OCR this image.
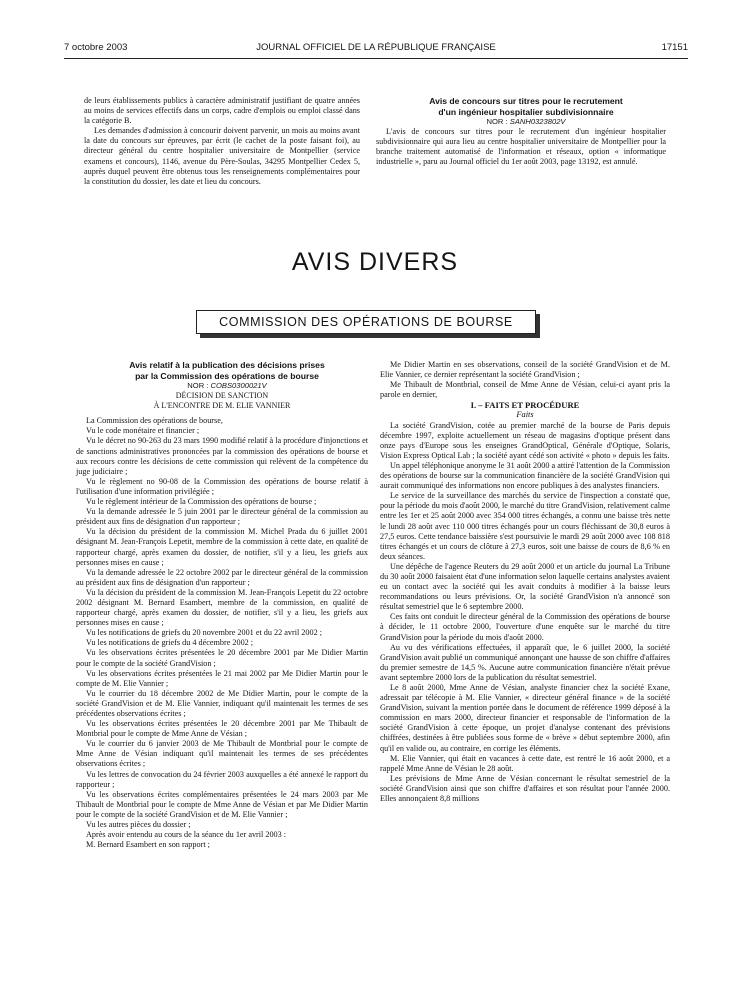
7 octobre 2003	JOURNAL OFFICIEL DE LA RÉPUBLIQUE FRANÇAISE	17151

de leurs établissements publics à caractère administratif justifiant de quatre années au moins de services effectifs dans un corps, cadre d'emplois ou emploi classé dans la catégorie B.

Les demandes d'admission à concourir doivent parvenir, un mois au moins avant la date du concours sur épreuves, par écrit (le cachet de la poste faisant foi), au directeur général du centre hospitalier universitaire de Montpellier (service examens et concours), 1146, avenue du Père-Soulas, 34295 Montpellier Cedex 5, auprès duquel peuvent être obtenus tous les renseignements complémentaires pour la constitution du dossier, les date et lieu du concours.

Avis de concours sur titres pour le recrutement

d'un ingénieur hospitalier subdivisionnaire

NOR : SANH0323802V

L'avis de concours sur titres pour le recrutement d'un ingénieur hospitalier subdivisionnaire qui aura lieu au centre hospitalier universitaire de Montpellier pour la branche traitement automatisé de l'information et réseaux, option « informatique industrielle », paru au Journal officiel du 1er août 2003, page 13192, est annulé.

AVIS DIVERS
COMMISSION DES OPÉRATIONS DE BOURSE

Avis relatif à la publication des décisions prises

par la Commission des opérations de bourse

NOR : COBS0300021V

DÉCISION DE SANCTION

À L'ENCONTRE DE M. ELIE VANNIER

La Commission des opérations de bourse,

Vu le code monétaire et financier ;

Vu le décret no 90-263 du 23 mars 1990 modifié relatif à la procédure d'injonctions et de sanctions administratives prononcées par la commission des opérations de bourse et aux recours contre les décisions de cette commission qui relèvent de la compétence du juge judiciaire ;

Vu le règlement no 90-08 de la Commission des opérations de bourse relatif à l'utilisation d'une information privilégiée ;

Vu le règlement intérieur de la Commission des opérations de bourse ;

Vu la demande adressée le 5 juin 2001 par le directeur général de la commission au président aux fins de désignation d'un rapporteur ;

Vu la décision du président de la commission M. Michel Prada du 6 juillet 2001 désignant M. Jean-François Lepetit, membre de la commission à cette date, en qualité de rapporteur chargé, après examen du dossier, de notifier, s'il y a lieu, les griefs aux personnes mises en cause ;

Vu la demande adressée le 22 octobre 2002 par le directeur général de la commission au président aux fins de désignation d'un rapporteur ;

Vu la décision du président de la commission M. Jean-François Lepetit du 22 octobre 2002 désignant M. Bernard Esambert, membre de la commission, en qualité de rapporteur chargé, après examen du dossier, de notifier, s'il y a lieu, les griefs aux personnes mises en cause ;

Vu les notifications de griefs du 20 novembre 2001 et du 22 avril 2002 ;

Vu les notifications de griefs du 4 décembre 2002 ;

Vu les observations écrites présentées le 20 décembre 2001 par Me Didier Martin pour le compte de la société GrandVision ;

Vu les observations écrites présentées le 21 mai 2002 par Me Didier Martin pour le compte de M. Elie Vannier ;

Vu le courrier du 18 décembre 2002 de Me Didier Martin, pour le compte de la société GrandVision et de M. Elie Vannier, indiquant qu'il maintenait les termes de ses précédentes observations écrites ;

Vu les observations écrites présentées le 20 décembre 2001 par Me Thibault de Montbrial pour le compte de Mme Anne de Vésian ;

Vu le courrier du 6 janvier 2003 de Me Thibault de Montbrial pour le compte de Mme Anne de Vésian indiquant qu'il maintenait les termes de ses précédentes observations écrites ;

Vu les lettres de convocation du 24 février 2003 auxquelles a été annexé le rapport du rapporteur ;

Vu les observations écrites complémentaires présentées le 24 mars 2003 par Me Thibault de Montbrial pour le compte de Mme Anne de Vésian et par Me Didier Martin pour le compte de la société GrandVision et de M. Elie Vannier ;

Vu les autres pièces du dossier ;

Après avoir entendu au cours de la séance du 1er avril 2003 :

M. Bernard Esambert en son rapport ;

Me Didier Martin en ses observations, conseil de la société GrandVision et de M. Elie Vannier, ce dernier représentant la société GrandVision ;

Me Thibault de Montbrial, conseil de Mme Anne de Vésian, celui-ci ayant pris la parole en dernier,

I. – FAITS ET PROCÉDURE

Faits

La société GrandVision, cotée au premier marché de la bourse de Paris depuis décembre 1997, exploite actuellement un réseau de magasins d'optique présent dans onze pays d'Europe sous les enseignes GrandOptical, Générale d'Optique, Solaris, Vision Express Optical Lab ; la société ayant cédé son activité « photo » depuis les faits.

Un appel téléphonique anonyme le 31 août 2000 a attiré l'attention de la Commission des opérations de bourse sur la communication financière de la société GrandVision qui aurait communiqué des informations non encore publiques à des analystes financiers.

Le service de la surveillance des marchés du service de l'inspection a constaté que, pour la période du mois d'août 2000, le marché du titre GrandVision, relativement calme entre les 1er et 25 août 2000 avec 354 000 titres échangés, a connu une baisse très nette le lundi 28 août avec 110 000 titres échangés pour un cours fléchissant de 30,8 euros à 27,5 euros. Cette tendance baissière s'est poursuivie le mardi 29 août 2000 avec 108 818 titres échangés et un cours de clôture à 27,3 euros, soit une baisse de cours de 8,6 % en deux séances.

Une dépêche de l'agence Reuters du 29 août 2000 et un article du journal La Tribune du 30 août 2000 faisaient état d'une information selon laquelle certains analystes avaient eu un contact avec la société qui les avait conduits à modifier à la baisse leurs recommandations ou leurs prévisions. Or, la société GrandVision n'a annoncé son résultat semestriel que le 6 septembre 2000.

Ces faits ont conduit le directeur général de la Commission des opérations de bourse à décider, le 11 octobre 2000, l'ouverture d'une enquête sur le marché du titre GrandVision pour la période du mois d'août 2000.

Au vu des vérifications effectuées, il apparaît que, le 6 juillet 2000, la société GrandVision avait publié un communiqué annonçant une hausse de son chiffre d'affaires du premier semestre de 14,5 %. Aucune autre communication financière n'était prévue avant septembre 2000 lors de la publication du résultat semestriel.

Le 8 août 2000, Mme Anne de Vésian, analyste financier chez la société Exane, adressait par télécopie à M. Elie Vannier, « directeur général finance » de la société GrandVision, suivant la mention portée dans le document de référence 1999 déposé à la commission en mars 2000, directeur financier et responsable de l'information de la société GrandVision à cette époque, un projet d'analyse contenant des prévisions chiffrées, destinées à être publiées sous forme de « brève » début septembre 2000, afin qu'il en valide ou, au contraire, en corrige les éléments.

M. Elie Vannier, qui était en vacances à cette date, est rentré le 16 août 2000, et a rappelé Mme Anne de Vésian le 28 août.

Les prévisions de Mme Anne de Vésian concernant le résultat semestriel de la société GrandVision ainsi que son chiffre d'affaires et son résultat pour l'année 2000. Elles annonçaient 8,8 millions
